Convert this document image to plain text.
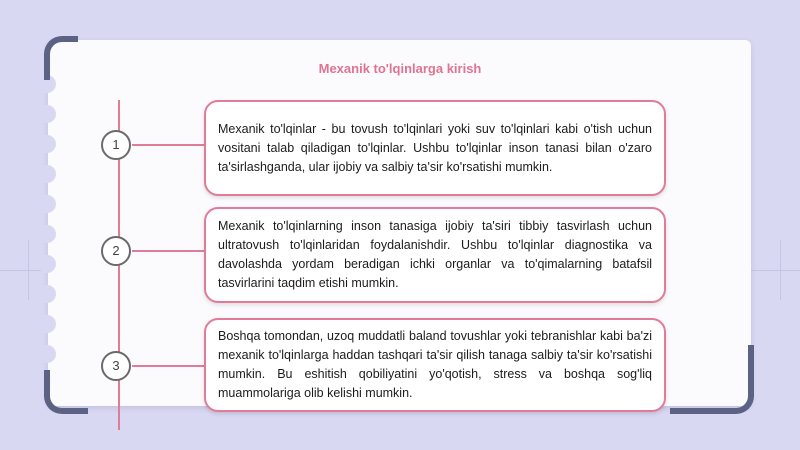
Mexanik to'lqinlarga kirish
1
2
3

Mexanik to'lqinlar - bu tovush to'lqinlari yoki suv to'lqinlari kabi o'tish uchun vositani talab qiladigan to'lqinlar. Ushbu to'lqinlar inson tanasi bilan o'zaro ta'sirlashganda, ular ijobiy va salbiy ta'sir ko'rsatishi mumkin.

Mexanik to'lqinlarning inson tanasiga ijobiy ta'siri tibbiy tasvirlash uchun ultratovush to'lqinlaridan foydalanishdir. Ushbu to'lqinlar diagnostika va davolashda yordam beradigan ichki organlar va to'qimalarning batafsil tasvirlarini taqdim etishi mumkin.

Boshqa tomondan, uzoq muddatli baland tovushlar yoki tebranishlar kabi ba'zi mexanik to'lqinlarga haddan tashqari ta'sir qilish tanaga salbiy ta'sir ko'rsatishi mumkin. Bu eshitish qobiliyatini yo'qotish, stress va boshqa sog'liq muammolariga olib kelishi mumkin.
